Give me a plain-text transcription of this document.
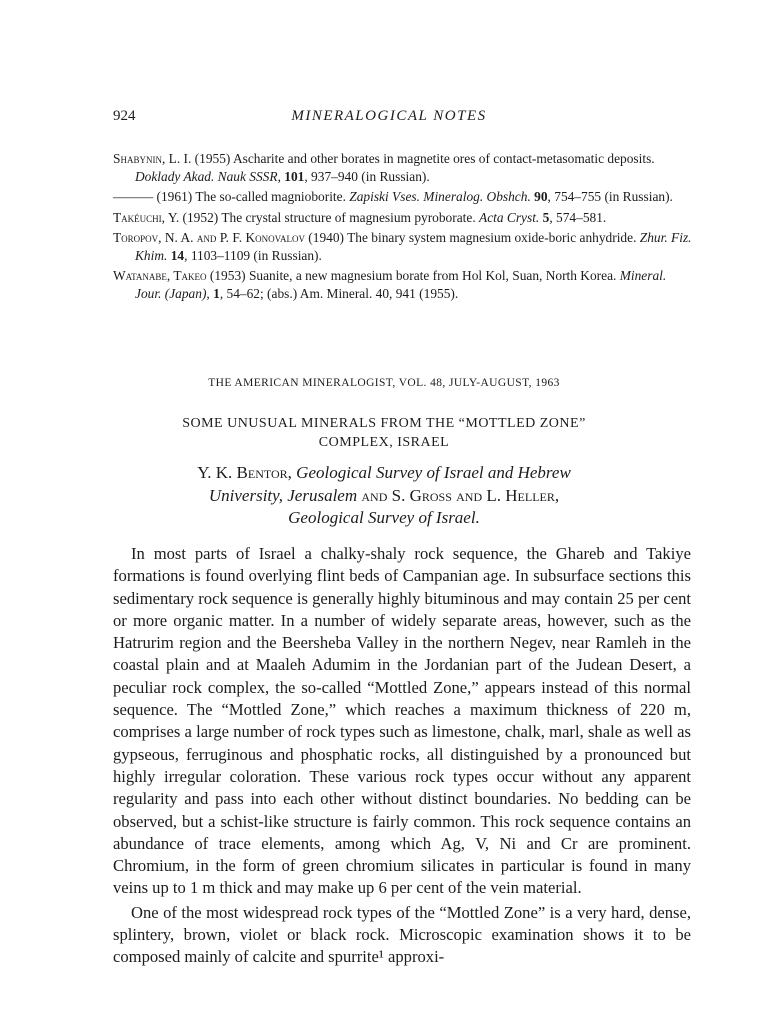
924	MINERALOGICAL NOTES

Shabynin, L. I. (1955) Ascharite and other borates in magnetite ores of contact-metasomatic deposits. Doklady Akad. Nauk SSSR, 101, 937–940 (in Russian).

——— (1961) The so-called magnioborite. Zapiski Vses. Mineralog. Obshch. 90, 754–755 (in Russian).

Takéuchi, Y. (1952) The crystal structure of magnesium pyroborate. Acta Cryst. 5, 574–581.

Toropov, N. A. and P. F. Konovalov (1940) The binary system magnesium oxide-boric anhydride. Zhur. Fiz. Khim. 14, 1103–1109 (in Russian).

Watanabe, Takeo (1953) Suanite, a new magnesium borate from Hol Kol, Suan, North Korea. Mineral. Jour. (Japan), 1, 54–62; (abs.) Am. Mineral. 40, 941 (1955).

THE AMERICAN MINERALOGIST, VOL. 48, JULY-AUGUST, 1963
SOME UNUSUAL MINERALS FROM THE “MOTTLED ZONE”
COMPLEX, ISRAEL
Y. K. Bentor, Geological Survey of Israel and Hebrew
University, Jerusalem and S. Gross and L. Heller,
Geological Survey of Israel.

In most parts of Israel a chalky-shaly rock sequence, the Ghareb and Takiye formations is found overlying flint beds of Campanian age. In subsurface sections this sedimentary rock sequence is generally highly bituminous and may contain 25 per cent or more organic matter. In a number of widely separate areas, however, such as the Hatrurim region and the Beersheba Valley in the northern Negev, near Ramleh in the coastal plain and at Maaleh Adumim in the Jordanian part of the Judean Desert, a peculiar rock complex, the so-called “Mottled Zone,” appears instead of this normal sequence. The “Mottled Zone,” which reaches a maximum thickness of 220 m, comprises a large number of rock types such as limestone, chalk, marl, shale as well as gypseous, ferruginous and phosphatic rocks, all distinguished by a pronounced but highly irregular coloration. These various rock types occur without any apparent regularity and pass into each other without distinct boundaries. No bedding can be observed, but a schist-like structure is fairly common. This rock sequence contains an abundance of trace elements, among which Ag, V, Ni and Cr are prominent. Chromium, in the form of green chromium silicates in particular is found in many veins up to 1 m thick and may make up 6 per cent of the vein material.

One of the most widespread rock types of the “Mottled Zone” is a very hard, dense, splintery, brown, violet or black rock. Microscopic examination shows it to be composed mainly of calcite and spurrite¹ approxi-
